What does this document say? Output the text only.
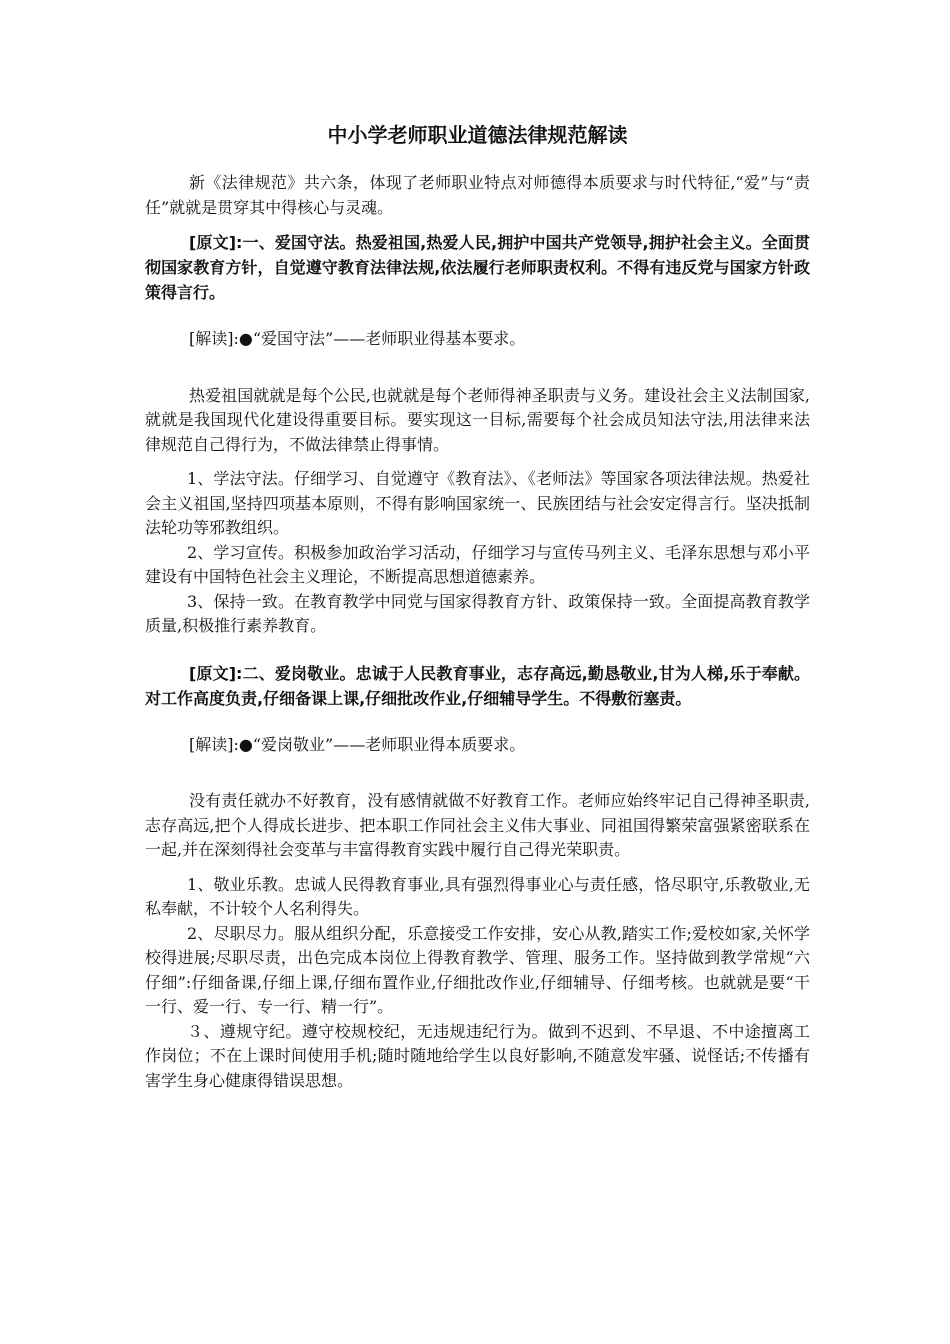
中小学老师职业道德法律规范解读

新《法律规范》共六条，体现了老师职业特点对师德得本质要求与时代特征,“爱”与“责任”就就是贯穿其中得核心与灵魂。

[原文]:一、爱国守法。热爱祖国,热爱人民,拥护中国共产党领导,拥护社会主义。全面贯彻国家教育方针，自觉遵守教育法律法规,依法履行老师职责权利。不得有违反党与国家方针政策得言行。

[解读]:●“爱国守法”——老师职业得基本要求。

热爱祖国就就是每个公民,也就就是每个老师得神圣职责与义务。建设社会主义法制国家,就就是我国现代化建设得重要目标。要实现这一目标,需要每个社会成员知法守法,用法律来法律规范自己得行为，不做法律禁止得事情。

1、学法守法。仔细学习、自觉遵守《教育法》、《老师法》等国家各项法律法规。热爱社会主义祖国,坚持四项基本原则，不得有影响国家统一、民族团结与社会安定得言行。坚决抵制法轮功等邪教组织。

2、学习宣传。积极参加政治学习活动，仔细学习与宣传马列主义、毛泽东思想与邓小平建设有中国特色社会主义理论，不断提高思想道德素养。

3、保持一致。在教育教学中同党与国家得教育方针、政策保持一致。全面提高教育教学质量,积极推行素养教育。

[原文]:二、爱岗敬业。忠诚于人民教育事业，志存高远,勤恳敬业,甘为人梯,乐于奉献。对工作高度负责,仔细备课上课,仔细批改作业,仔细辅导学生。不得敷衍塞责。

[解读]:●“爱岗敬业”——老师职业得本质要求。

没有责任就办不好教育，没有感情就做不好教育工作。老师应始终牢记自己得神圣职责,志存高远,把个人得成长进步、把本职工作同社会主义伟大事业、同祖国得繁荣富强紧密联系在一起,并在深刻得社会变革与丰富得教育实践中履行自己得光荣职责。

1、敬业乐教。忠诚人民得教育事业,具有强烈得事业心与责任感，恪尽职守,乐教敬业,无私奉献，不计较个人名利得失。

2、尽职尽力。服从组织分配，乐意接受工作安排，安心从教,踏实工作;爱校如家,关怀学校得进展;尽职尽责，出色完成本岗位上得教育教学、管理、服务工作。坚持做到教学常规“六仔细”:仔细备课,仔细上课,仔细布置作业,仔细批改作业,仔细辅导、仔细考核。也就就是要“干一行、爱一行、专一行、精一行”。

３、遵规守纪。遵守校规校纪，无违规违纪行为。做到不迟到、不早退、不中途擅离工作岗位；不在上课时间使用手机;随时随地给学生以良好影响,不随意发牢骚、说怪话;不传播有害学生身心健康得错误思想。
